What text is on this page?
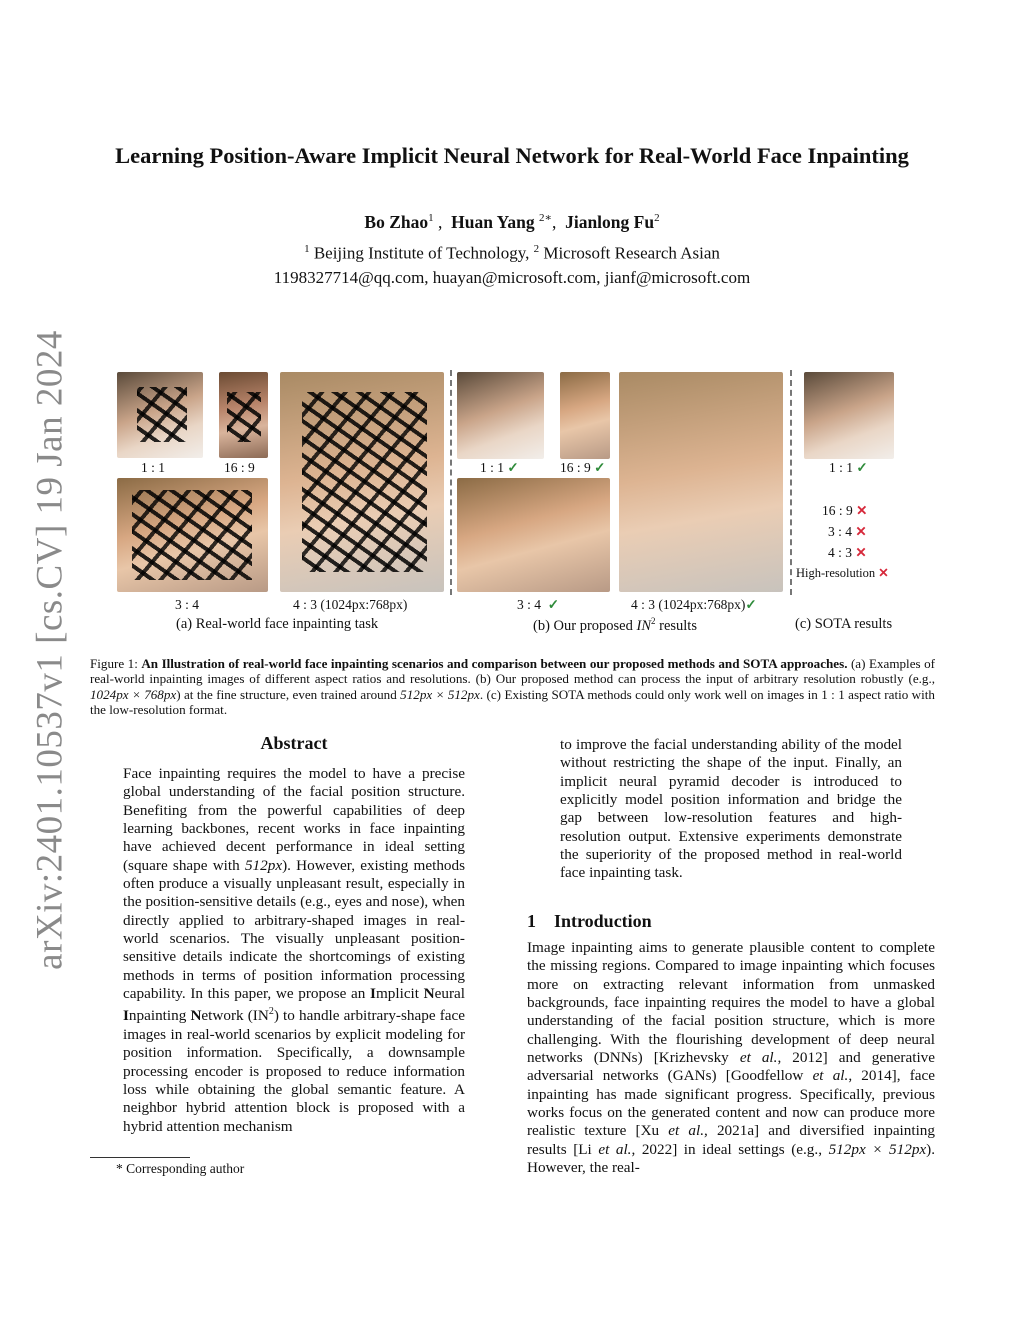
arXiv:2401.10537v1 [cs.CV] 19 Jan 2024
Learning Position-Aware Implicit Neural Network for Real-World Face Inpainting
Bo Zhao$^1$ ,  Huan Yang $^{2∗}$,  Jianlong Fu$^2$
$^1$ Beijing Institute of Technology, $^2$ Microsoft Research Asian
1198327714@qq.com, huayan@microsoft.com, jianf@microsoft.com
1 : 1	16 : 9
3 : 4	4 : 3 (1024px:768px)
(a) Real-world face inpainting task
1 : 1 ✓	16 : 9 ✓
3 : 4 ✓	4 : 3 (1024px:768px)✓
(b) Our proposed $IN^2$ results
1 : 1 ✓
16 : 9 ✕
3 : 4 ✕
4 : 3 ✕
High-resolution ✕
(c) SOTA results

Figure 1: An Illustration of real-world face inpainting scenarios and comparison between our proposed methods and SOTA approaches. (a) Examples of real-world inpainting images of different aspect ratios and resolutions. (b) Our proposed method can process the input of arbitrary resolution robustly (e.g., 1024px × 768px) at the fine structure, even trained around 512px × 512px. (c) Existing SOTA methods could only work well on images in 1 : 1 aspect ratio with the low-resolution format.

Abstract

Face inpainting requires the model to have a precise global understanding of the facial position structure. Benefiting from the powerful capabilities of deep learning backbones, recent works in face inpainting have achieved decent performance in ideal setting (square shape with 512px). However, existing methods often produce a visually unpleasant result, especially in the position-sensitive details (e.g., eyes and nose), when directly applied to arbitrary-shaped images in real-world scenarios. The visually unpleasant position-sensitive details indicate the shortcomings of existing methods in terms of position information processing capability. In this paper, we propose an Implicit Neural Inpainting Network $(IN^2)$ to handle arbitrary-shape face images in real-world scenarios by explicit modeling for position information. Specifically, a downsample processing encoder is proposed to reduce information loss while obtaining the global semantic feature. A neighbor hybrid attention block is proposed with a hybrid attention mechanism

to improve the facial understanding ability of the model without restricting the shape of the input. Finally, an implicit neural pyramid decoder is introduced to explicitly model position information and bridge the gap between low-resolution features and high-resolution output. Extensive experiments demonstrate the superiority of the proposed method in real-world face inpainting task.

1 Introduction

Image inpainting aims to generate plausible content to complete the missing regions. Compared to image inpainting which focuses more on extracting relevant information from unmasked backgrounds, face inpainting requires the model to have a global understanding of the facial position structure, which is more challenging. With the flourishing development of deep neural networks (DNNs) [Krizhevsky et al., 2012] and generative adversarial networks (GANs) [Goodfellow et al., 2014], face inpainting has made significant progress. Specifically, previous works focus on the generated content and now can produce more realistic texture [Xu et al., 2021a] and diversified inpainting results [Li et al., 2022] in ideal settings (e.g., 512px × 512px). However, the real-

* Corresponding author
